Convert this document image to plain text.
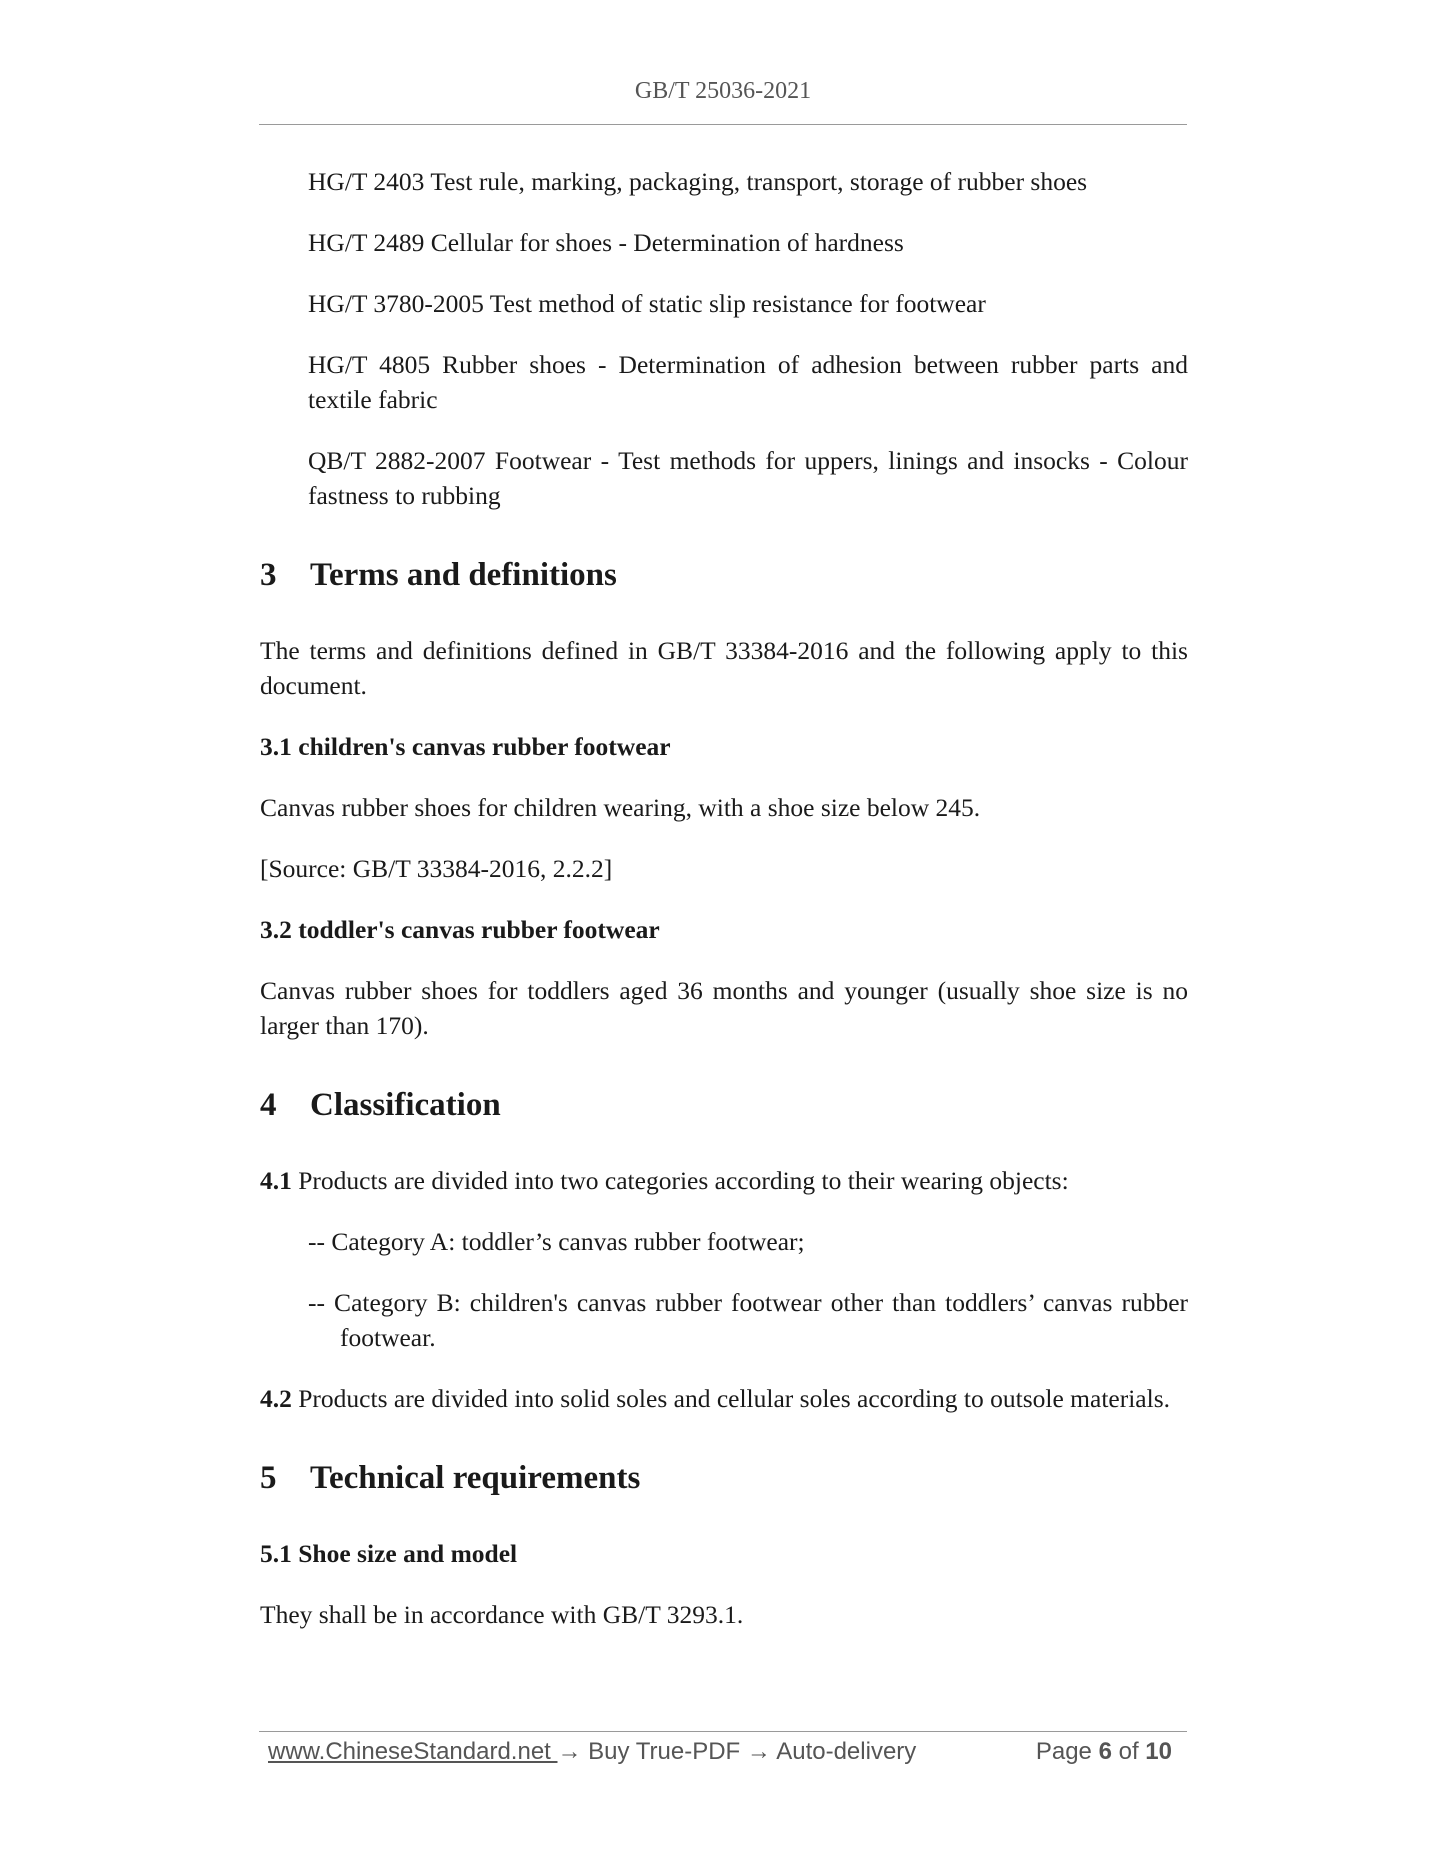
GB/T 25036-2021
HG/T 2403 Test rule, marking, packaging, transport, storage of rubber shoes
HG/T 2489 Cellular for shoes - Determination of hardness
HG/T 3780-2005 Test method of static slip resistance for footwear
HG/T 4805 Rubber shoes - Determination of adhesion between rubber parts and textile fabric
QB/T 2882-2007 Footwear - Test methods for uppers, linings and insocks - Colour fastness to rubbing
3	Terms and definitions
The terms and definitions defined in GB/T 33384-2016 and the following apply to this document.
3.1 children's canvas rubber footwear
Canvas rubber shoes for children wearing, with a shoe size below 245.
[Source: GB/T 33384-2016, 2.2.2]
3.2 toddler's canvas rubber footwear
Canvas rubber shoes for toddlers aged 36 months and younger (usually shoe size is no larger than 170).
4	Classification
4.1 Products are divided into two categories according to their wearing objects:
-- Category A: toddler’s canvas rubber footwear;
-- Category B: children's canvas rubber footwear other than toddlers’ canvas rubber footwear.
4.2 Products are divided into solid soles and cellular soles according to outsole materials.
5	Technical requirements
5.1 Shoe size and model
They shall be in accordance with GB/T 3293.1.
www.ChineseStandard.net → Buy True-PDF → Auto-delivery	Page 6 of 10
